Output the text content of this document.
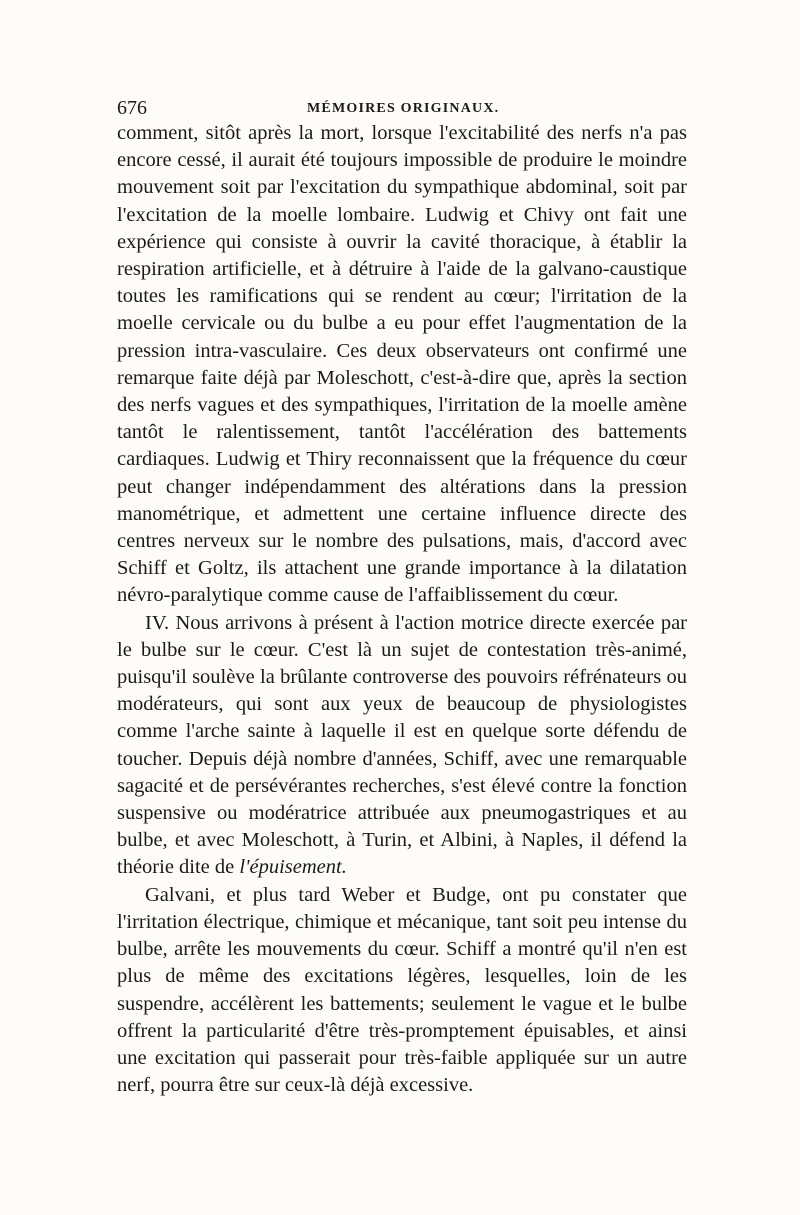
676	MÉMOIRES ORIGINAUX.

comment, sitôt après la mort, lorsque l'excitabilité des nerfs n'a pas encore cessé, il aurait été toujours impossible de produire le moindre mouvement soit par l'excitation du sympathique abdominal, soit par l'excitation de la moelle lombaire. Ludwig et Chivy ont fait une expérience qui consiste à ouvrir la cavité thoracique, à établir la respiration artificielle, et à détruire à l'aide de la galvano-caustique toutes les ramifications qui se rendent au cœur; l'irritation de la moelle cervicale ou du bulbe a eu pour effet l'augmentation de la pression intra-vasculaire. Ces deux observateurs ont confirmé une remarque faite déjà par Moleschott, c'est-à-dire que, après la section des nerfs vagues et des sympathiques, l'irritation de la moelle amène tantôt le ralentissement, tantôt l'accélération des battements cardiaques. Ludwig et Thiry reconnaissent que la fréquence du cœur peut changer indépendamment des altérations dans la pression manométrique, et admettent une certaine influence directe des centres nerveux sur le nombre des pulsations, mais, d'accord avec Schiff et Goltz, ils attachent une grande importance à la dilatation névro-paralytique comme cause de l'affaiblissement du cœur.

IV. Nous arrivons à présent à l'action motrice directe exercée par le bulbe sur le cœur. C'est là un sujet de contestation très-animé, puisqu'il soulève la brûlante controverse des pouvoirs réfrénateurs ou modérateurs, qui sont aux yeux de beaucoup de physiologistes comme l'arche sainte à laquelle il est en quelque sorte défendu de toucher. Depuis déjà nombre d'années, Schiff, avec une remarquable sagacité et de persévérantes recherches, s'est élevé contre la fonction suspensive ou modératrice attribuée aux pneumogastriques et au bulbe, et avec Moleschott, à Turin, et Albini, à Naples, il défend la théorie dite de l'épuisement.

Galvani, et plus tard Weber et Budge, ont pu constater que l'irritation électrique, chimique et mécanique, tant soit peu intense du bulbe, arrête les mouvements du cœur. Schiff a montré qu'il n'en est plus de même des excitations légères, lesquelles, loin de les suspendre, accélèrent les battements; seulement le vague et le bulbe offrent la particularité d'être très-promptement épuisables, et ainsi une excitation qui passerait pour très-faible appliquée sur un autre nerf, pourra être sur ceux-là déjà excessive.
